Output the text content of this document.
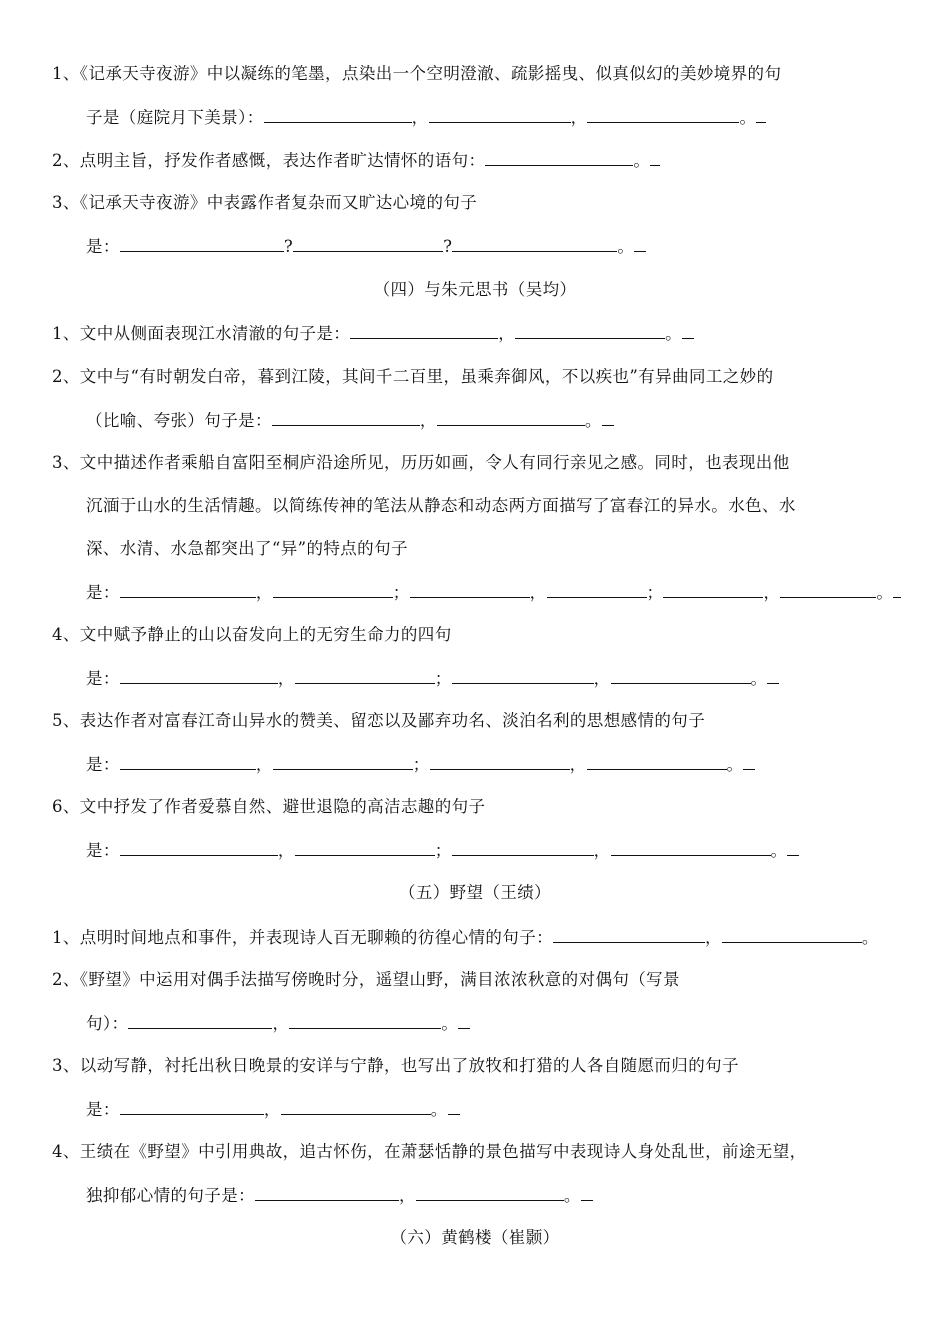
1、《记承天寺夜游》中以凝练的笔墨，点染出一个空明澄澈、疏影摇曳、似真似幻的美妙境界的句
子是（庭院月下美景）：	，	，	。
2、点明主旨，抒发作者感慨，表达作者旷达情怀的语句：	。
3、《记承天寺夜游》中表露作者复杂而又旷达心境的句子
是：	?	?	。
（四）与朱元思书（吴均）
1、文中从侧面表现江水清澈的句子是：	，	。
2、文中与“有时朝发白帝，暮到江陵，其间千二百里，虽乘奔御风，不以疾也”有异曲同工之妙的
（比喻、夸张）句子是：	，	。
3、文中描述作者乘船自富阳至桐庐沿途所见，历历如画，令人有同行亲见之感。同时，也表现出他
沉湎于山水的生活情趣。以简练传神的笔法从静态和动态两方面描写了富春江的异水。水色、水
深、水清、水急都突出了“异”的特点的句子
是：	，	；	，	；	，	。
4、文中赋予静止的山以奋发向上的无穷生命力的四句
是：	，	；	，	。
5、表达作者对富春江奇山异水的赞美、留恋以及鄙弃功名、淡泊名利的思想感情的句子
是：	，	；	，	。
6、文中抒发了作者爱慕自然、避世退隐的高洁志趣的句子
是：	，	；	，	。
（五）野望（王绩）
1、点明时间地点和事件，并表现诗人百无聊赖的彷徨心情的句子：	，	。
2、《野望》中运用对偶手法描写傍晚时分，遥望山野，满目浓浓秋意的对偶句（写景
句）：	，	。
3、以动写静，衬托出秋日晚景的安详与宁静，也写出了放牧和打猎的人各自随愿而归的句子
是：	，	。
4、王绩在《野望》中引用典故，追古怀伤，在萧瑟恬静的景色描写中表现诗人身处乱世，前途无望，
独抑郁心情的句子是：	，	。
（六）黄鹤楼（崔颢）
